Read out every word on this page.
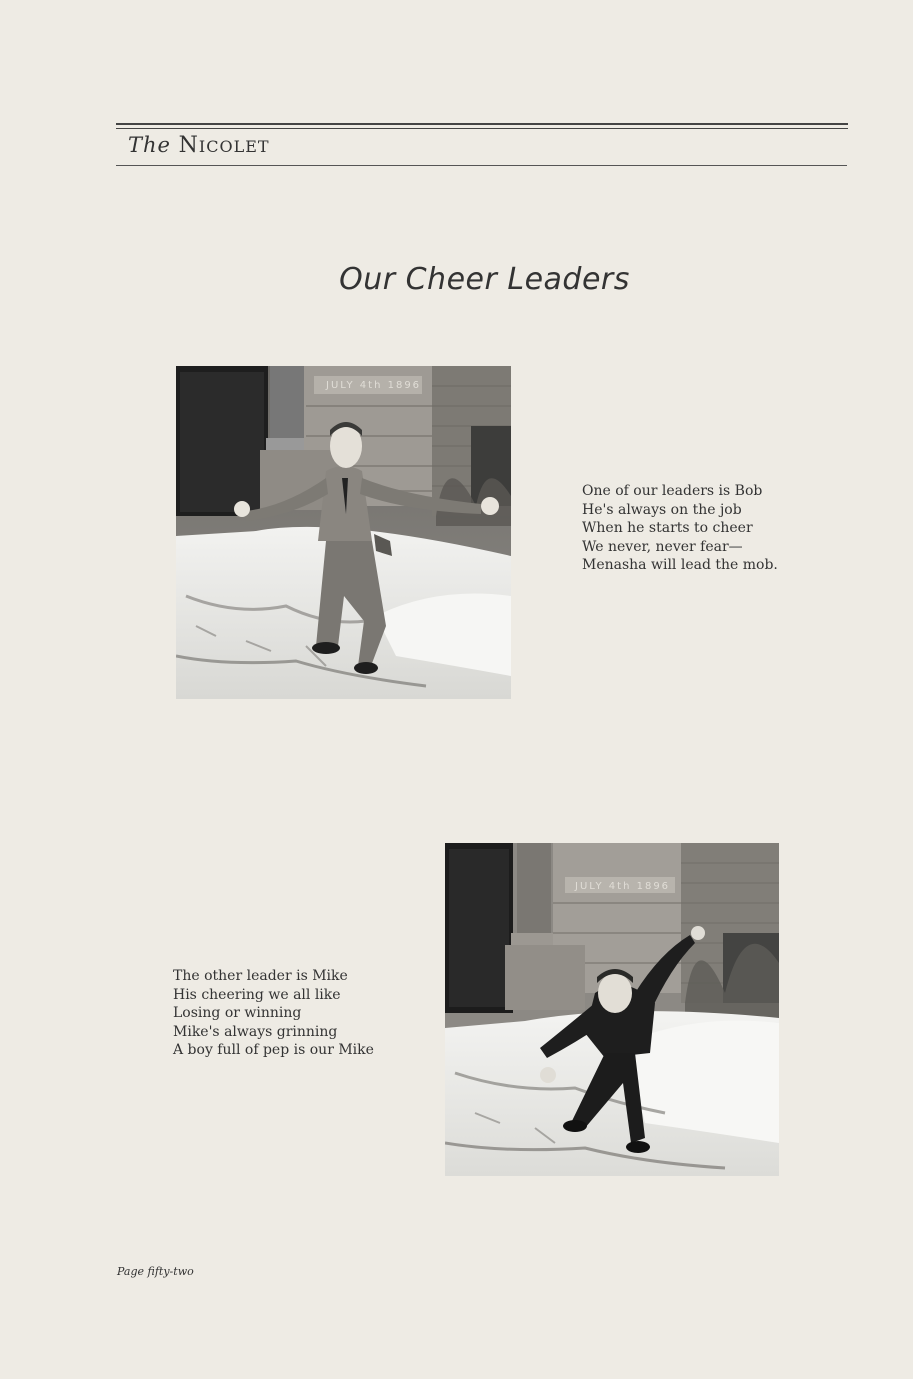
The NICOLET
Our Cheer Leaders
JULY 4th 1896
One of our leaders is Bob
He's always on the job
When he starts to cheer
We never, never fear—
Menasha will lead the mob.
The other leader is Mike
His cheering we all like
Losing or winning
Mike's always grinning
A boy full of pep is our Mike
JULY 4th 1896
Page fifty-two
